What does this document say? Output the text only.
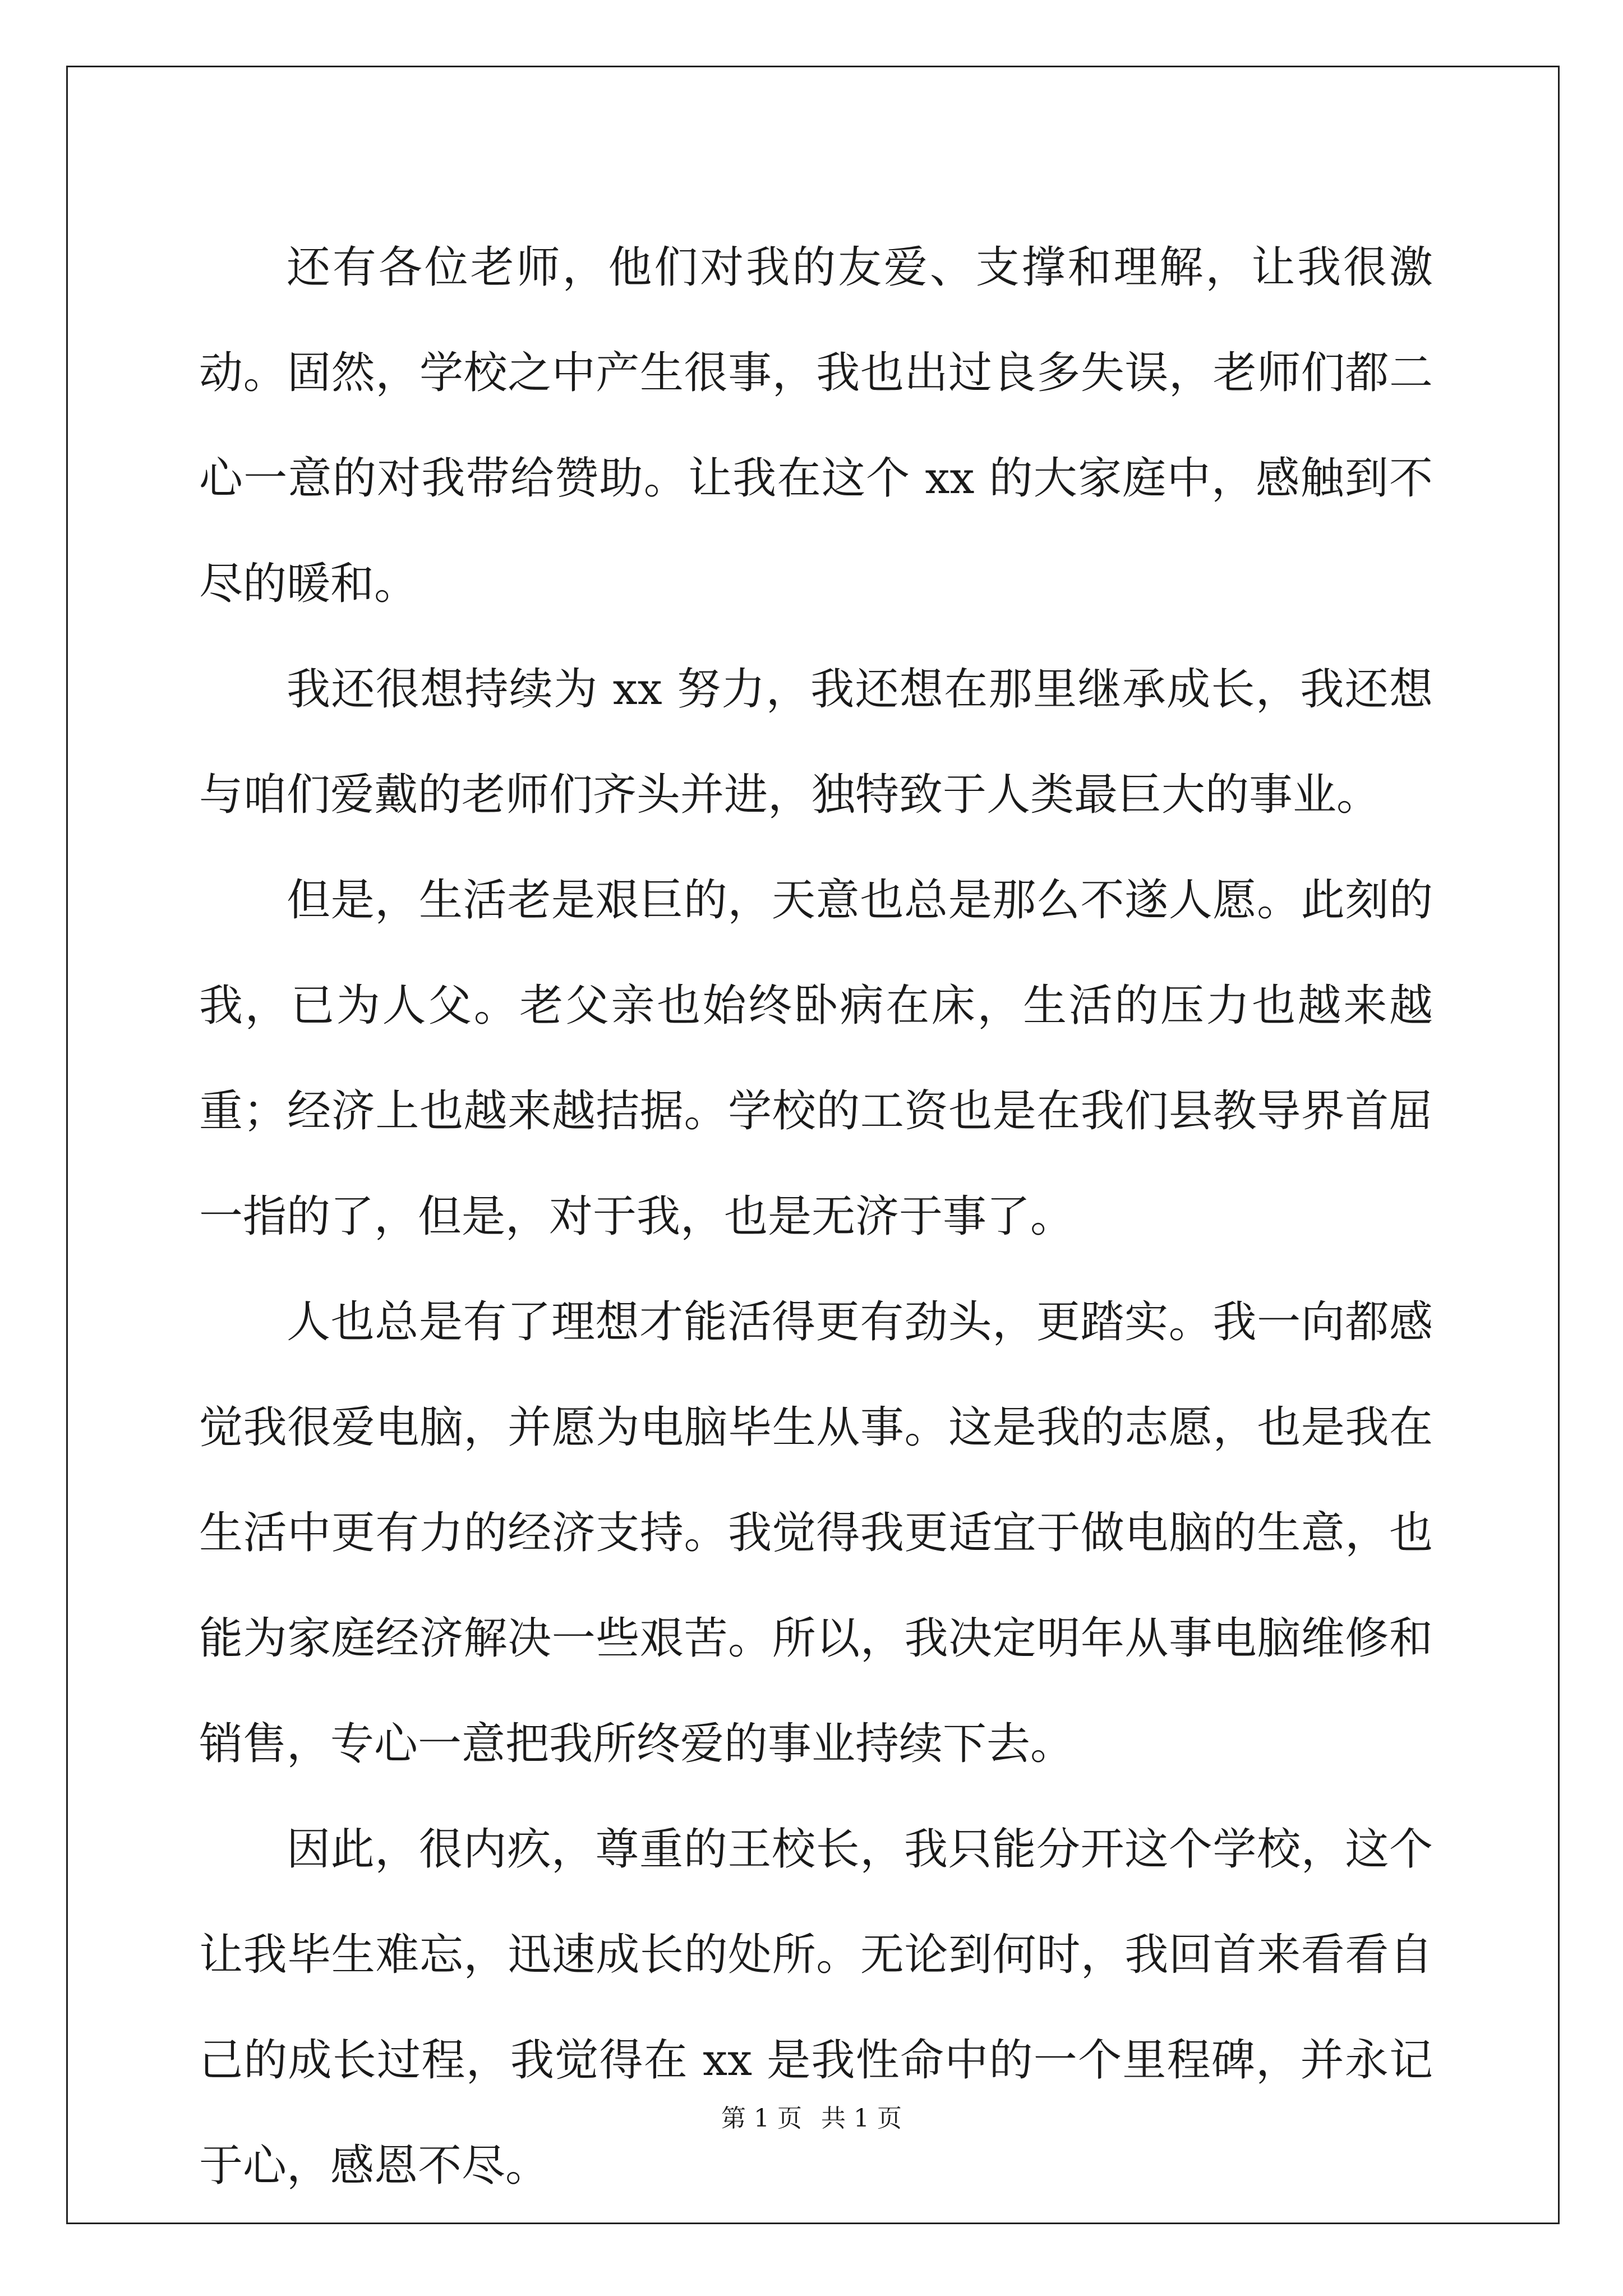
还有各位老师，他们对我的友爱、支撑和理解，让我很激动。固然，学校之中产生很事，我也出过良多失误，老师们都二心一意的对我带给赞助。让我在这个 xx 的大家庭中，感触到不尽的暖和。

我还很想持续为 xx 努力，我还想在那里继承成长，我还想与咱们爱戴的老师们齐头并进，独特致于人类最巨大的事业。

但是，生活老是艰巨的，天意也总是那么不遂人愿。此刻的我，已为人父。老父亲也始终卧病在床，生活的压力也越来越重；经济上也越来越拮据。学校的工资也是在我们县教导界首屈一指的了，但是，对于我，也是无济于事了。

人也总是有了理想才能活得更有劲头，更踏实。我一向都感觉我很爱电脑，并愿为电脑毕生从事。这是我的志愿，也是我在生活中更有力的经济支持。我觉得我更适宜于做电脑的生意，也能为家庭经济解决一些艰苦。所以，我决定明年从事电脑维修和销售，专心一意把我所终爱的事业持续下去。

因此，很内疚，尊重的王校长，我只能分开这个学校，这个让我毕生难忘，迅速成长的处所。无论到何时，我回首来看看自己的成长过程，我觉得在 xx 是我性命中的一个里程碑，并永记于心，感恩不尽。

第 1 页 共 1 页
